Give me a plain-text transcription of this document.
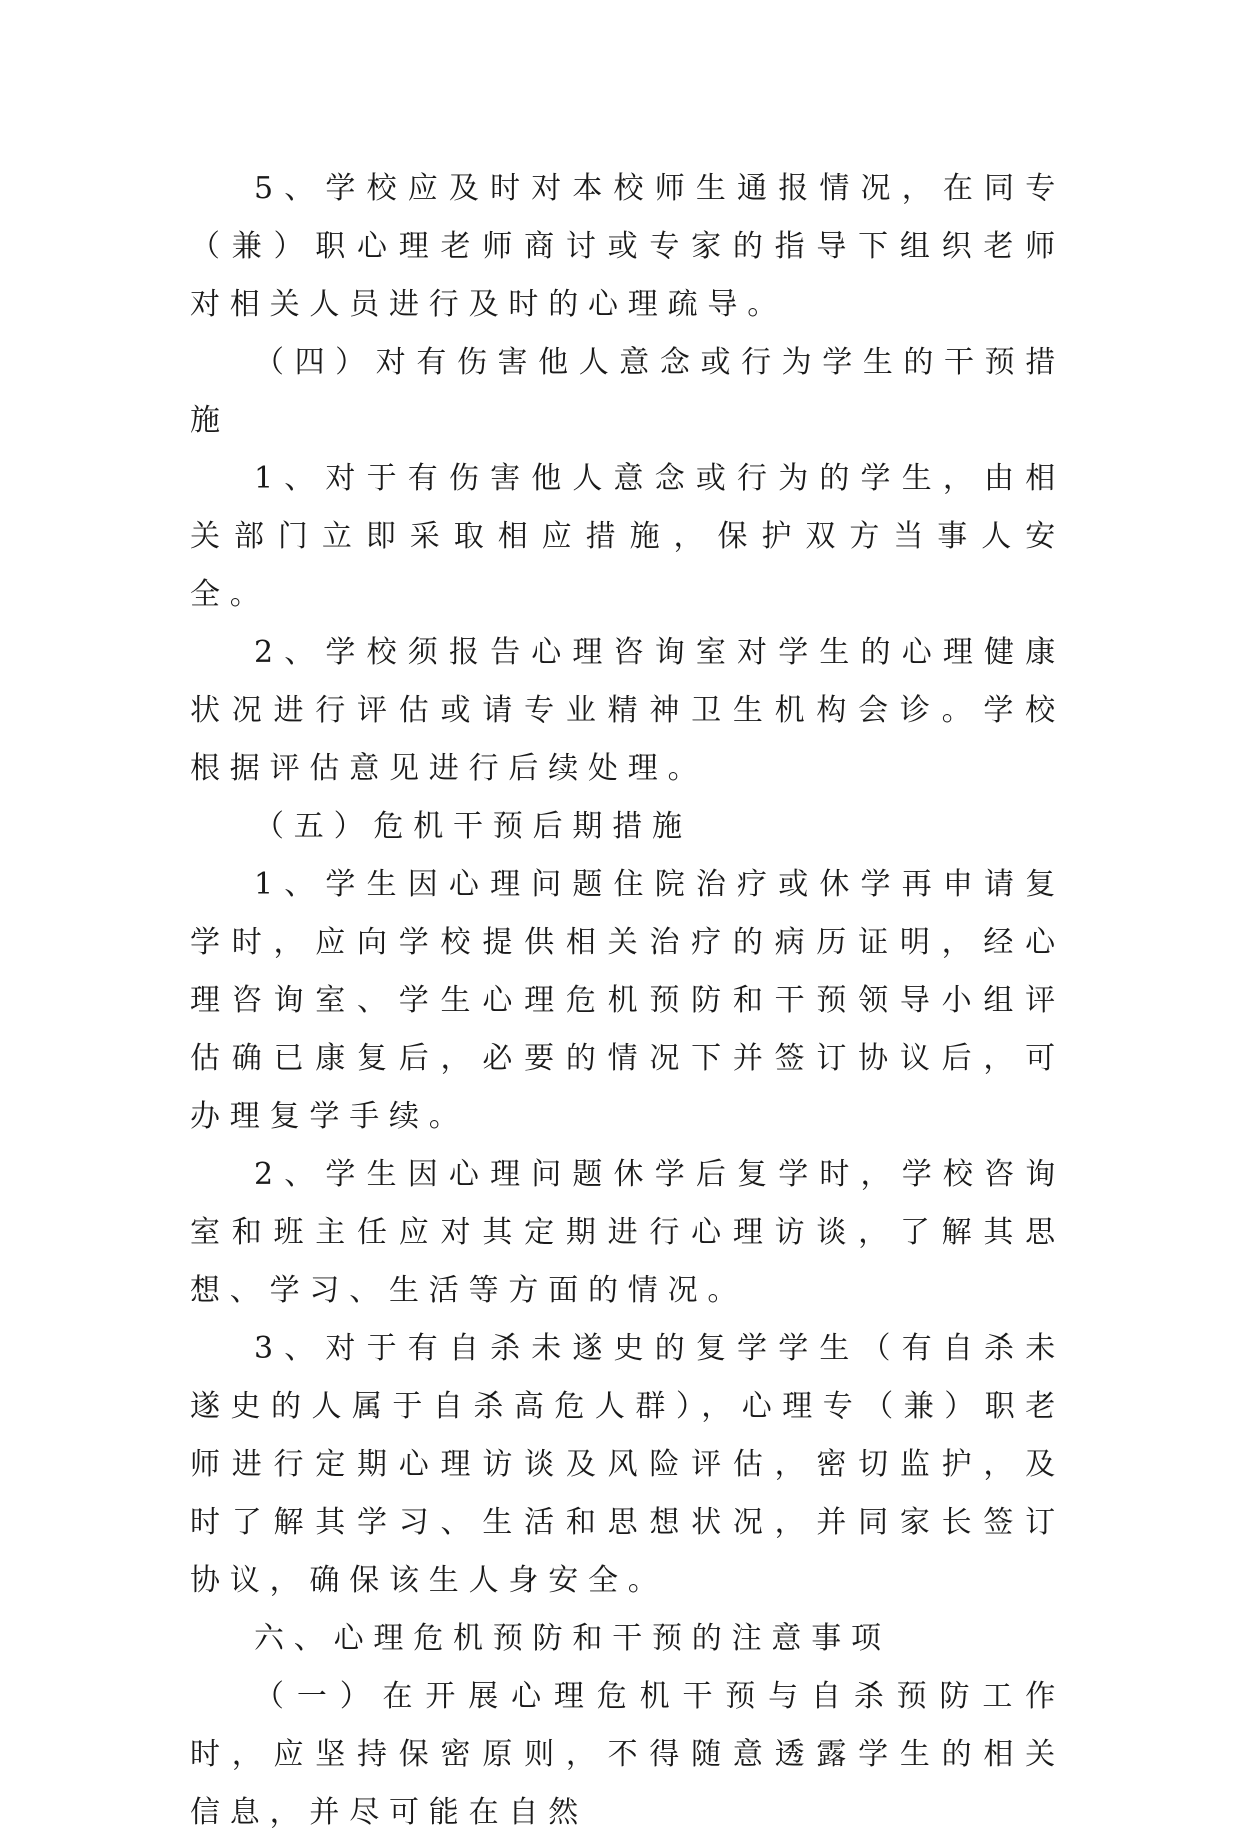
5、学校应及时对本校师生通报情况，在同专（兼）职心理老师商讨或专家的指导下组织老师对相关人员进行及时的心理疏导。

（四）对有伤害他人意念或行为学生的干预措施

1、对于有伤害他人意念或行为的学生，由相关部门立即采取相应措施，保护双方当事人安全。

2、学校须报告心理咨询室对学生的心理健康状况进行评估或请专业精神卫生机构会诊。学校根据评估意见进行后续处理。

（五）危机干预后期措施

1、学生因心理问题住院治疗或休学再申请复学时，应向学校提供相关治疗的病历证明，经心理咨询室、学生心理危机预防和干预领导小组评估确已康复后，必要的情况下并签订协议后，可办理复学手续。

2、学生因心理问题休学后复学时，学校咨询室和班主任应对其定期进行心理访谈，了解其思想、学习、生活等方面的情况。

3、对于有自杀未遂史的复学学生（有自杀未遂史的人属于自杀高危人群），心理专（兼）职老师进行定期心理访谈及风险评估，密切监护，及时了解其学习、生活和思想状况，并同家长签订协议，确保该生人身安全。

六、心理危机预防和干预的注意事项

（一）在开展心理危机干预与自杀预防工作时，应坚持保密原则，不得随意透露学生的相关信息，并尽可能在自然
